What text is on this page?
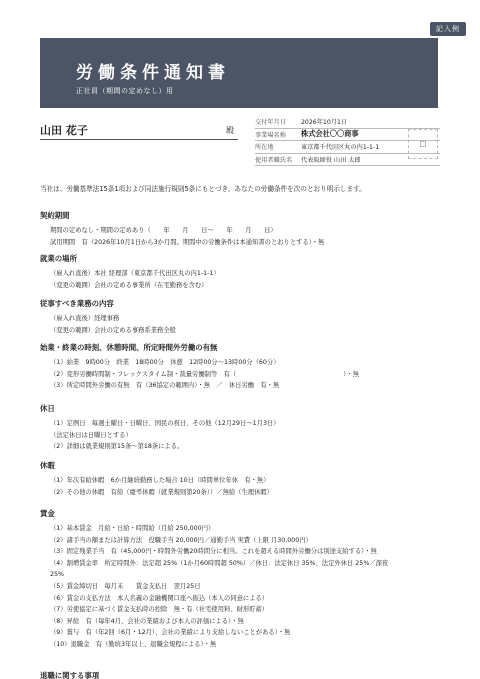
記入例
労働条件通知書
正社員（期間の定めなし）用
山田 花子	殿
交付年月日	2026年10月1日
事業場名称	株式会社〇〇商事
所在地	東京都千代田区丸の内1-1-1
使用者職氏名	代表取締役 山田 太郎
当社は、労働基準法15条1項および同法施行規則5条にもとづき、あなたの労働条件を次のとおり明示します。
契約期間
期間の定めなし・期間の定めあり（　　年　　月　　日～　　年　　月　　日）
試用期間　有（2026年10月1日から3か月間。期間中の労働条件は本通知書のとおりとする）・無
就業の場所
（雇入れ直後）本社 経理部（東京都千代田区丸の内1-1-1）
（変更の範囲）会社の定める事業所（在宅勤務を含む）
従事すべき業務の内容
（雇入れ直後）経理事務
（変更の範囲）会社の定める事務系業務全般
始業・終業の時刻、休憩時間、所定時間外労働の有無
（1）始業　9時00分　終業　18時00分　休憩　12時00分～13時00分（60分）
（2）変形労働時間制・フレックスタイム制・裁量労働制等　有（　　　　　　　　　　　　　　　　　）・無
（3）所定時間外労働の有無　有（36協定の範囲内）・無　／　休日労働　有・無
休日
（1）定例日　毎週土曜日・日曜日、国民の祝日、その他（12月29日～1月3日）
（法定休日は日曜日とする）
（2）詳細は就業規則第15条～第18条による。
休暇
（1）年次有給休暇　6か月継続勤務した場合 10日（時間単位年休　有・無）
（2）その他の休暇　有給（慶弔休暇（就業規則第20条））／無給（生理休暇）
賃金
（1）基本賃金　月給・日給・時間給（月給 250,000円）
（2）諸手当の額または計算方法　役職手当 20,000円／通勤手当 実費（上限 月30,000円）
（3）固定残業手当　有（45,000円・時間外労働20時間分に相当。これを超える時間外労働分は別途支給する）・無
（4）割増賃金率　所定時間外：法定超 25%（1か月60時間超 50%）／休日：法定休日 35%、法定外休日 25%／深夜
25%
（5）賃金締切日　毎月末　　賃金支払日　翌月25日
（6）賃金の支払方法　本人名義の金融機関口座へ振込（本人の同意による）
（7）労使協定に基づく賃金支払時の控除　無・有（社宅使用料、財形貯蓄）
（8）昇給　有（毎年4月、会社の業績および本人の評価による）・無
（9）賞与　有（年2回（6月・12月）、会社の業績により支給しないことがある）・無
（10）退職金　有（勤続3年以上、退職金規程による）・無
退職に関する事項
